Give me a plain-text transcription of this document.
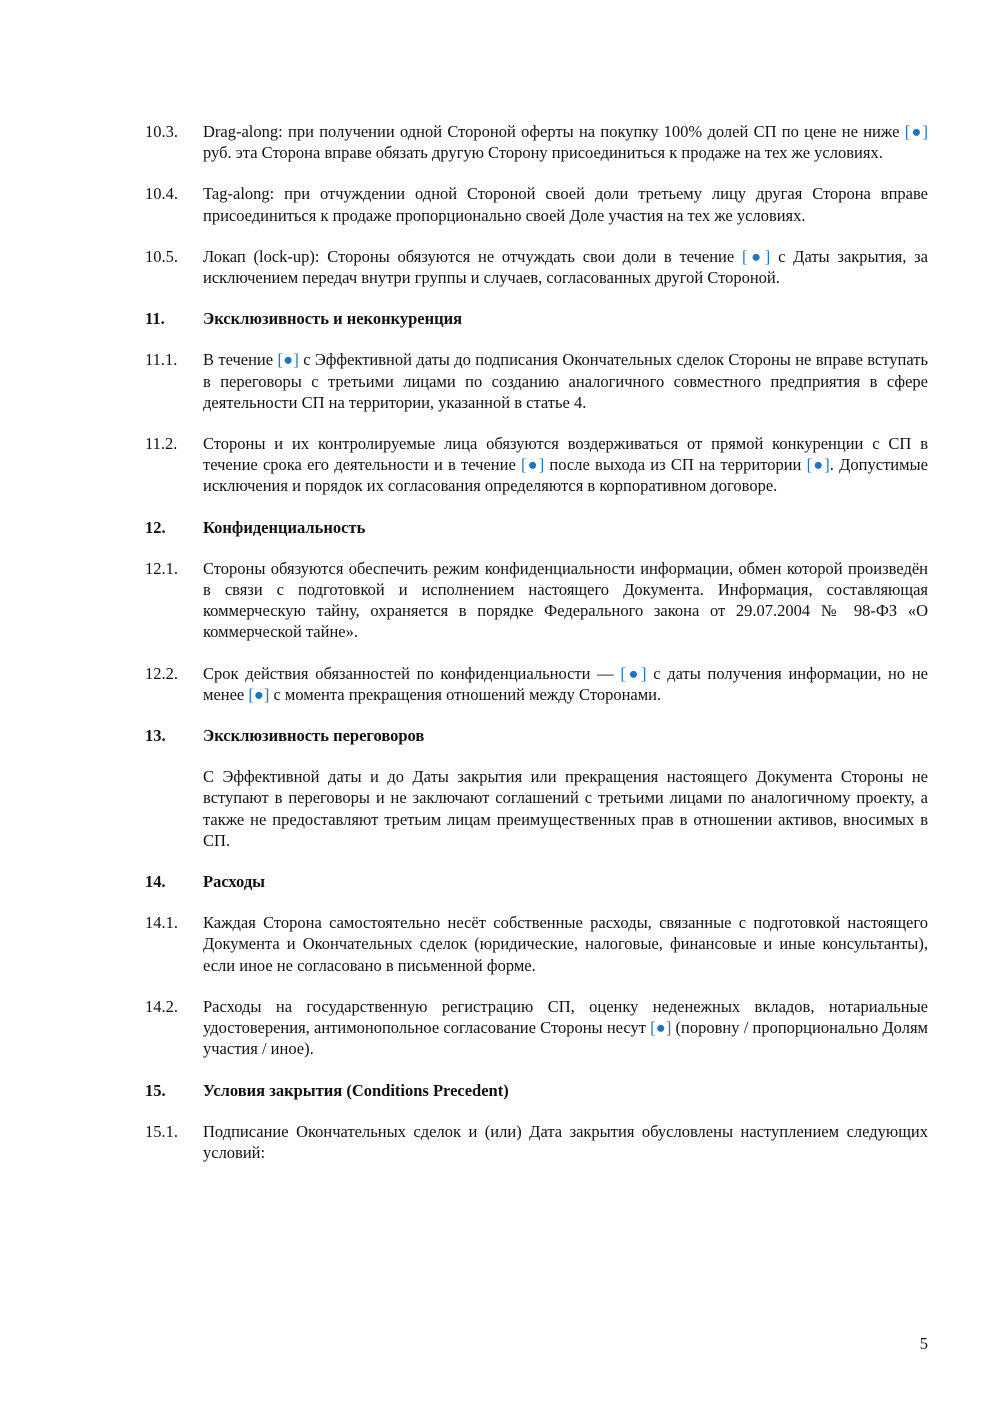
10.3.	Drag-along: при получении одной Стороной оферты на покупку 100% долей СП по цене не ниже [●] руб. эта Сторона вправе обязать другую Сторону присоединиться к продаже на тех же условиях.
10.4.	Tag-along: при отчуждении одной Стороной своей доли третьему лицу другая Сторона вправе присоединиться к продаже пропорционально своей Доле участия на тех же условиях.
10.5.	Локап (lock-up): Стороны обязуются не отчуждать свои доли в течение [●] с Даты закрытия, за исключением передач внутри группы и случаев, согласованных другой Стороной.
11.	Эксклюзивность и неконкуренция
11.1.	В течение [●] с Эффективной даты до подписания Окончательных сделок Стороны не вправе вступать в переговоры с третьими лицами по созданию аналогичного совместного предприятия в сфере деятельности СП на территории, указанной в статье 4.
11.2.	Стороны и их контролируемые лица обязуются воздерживаться от прямой конкуренции с СП в течение срока его деятельности и в течение [●] после выхода из СП на территории [●]. Допустимые исключения и порядок их согласования определяются в корпоративном договоре.
12.	Конфиденциальность
12.1.	Стороны обязуются обеспечить режим конфиденциальности информации, обмен которой произведён в связи с подготовкой и исполнением настоящего Документа. Информация, составляющая коммерческую тайну, охраняется в порядке Федерального закона от 29.07.2004 № 98-ФЗ «О коммерческой тайне».
12.2.	Срок действия обязанностей по конфиденциальности — [●] с даты получения информации, но не менее [●] с момента прекращения отношений между Сторонами.
13.	Эксклюзивность переговоров
С Эффективной даты и до Даты закрытия или прекращения настоящего Документа Стороны не вступают в переговоры и не заключают соглашений с третьими лицами по аналогичному проекту, а также не предоставляют третьим лицам преимущественных прав в отношении активов, вносимых в СП.
14.	Расходы
14.1.	Каждая Сторона самостоятельно несёт собственные расходы, связанные с подготовкой настоящего Документа и Окончательных сделок (юридические, налоговые, финансовые и иные консультанты), если иное не согласовано в письменной форме.
14.2.	Расходы на государственную регистрацию СП, оценку неденежных вкладов, нотариальные удостоверения, антимонопольное согласование Стороны несут [●] (поровну / пропорционально Долям участия / иное).
15.	Условия закрытия (Conditions Precedent)
15.1.	Подписание Окончательных сделок и (или) Дата закрытия обусловлены наступлением следующих условий:
5
